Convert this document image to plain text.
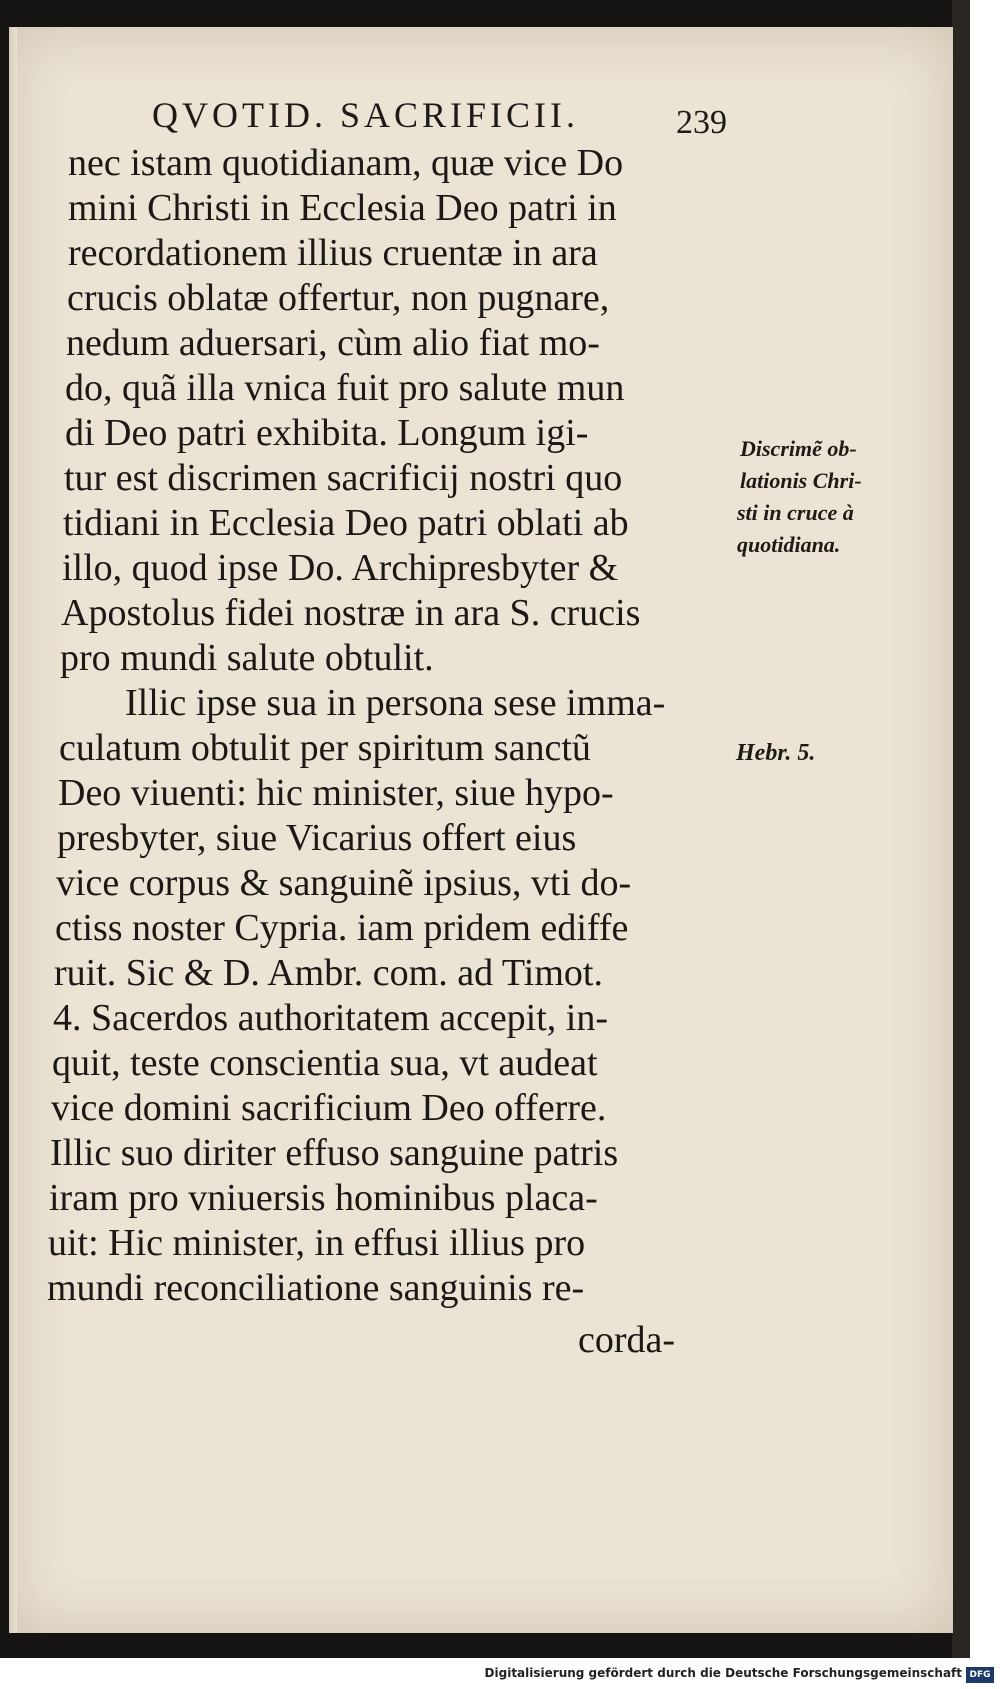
QVOTID. SACRIFICII.	239
nec istam quotidianam, quæ vice Do
mini Christi in Ecclesia Deo patri in
recordationem illius cruentæ in ara
crucis oblatæ offertur, non pugnare,
nedum aduersari, cùm alio fiat mo-
do, quã illa vnica fuit pro salute mun
di Deo patri exhibita. Longum igi-
tur est discrimen sacrificij nostri quo
tidiani in Ecclesia Deo patri oblati ab
illo, quod ipse Do. Archipresbyter &
Apostolus fidei nostræ in ara S. crucis
pro mundi salute obtulit.
Illic ipse sua in persona sese imma-
culatum obtulit per spiritum sanctũ
Deo viuenti: hic minister, siue hypo-
presbyter, siue Vicarius offert eius
vice corpus & sanguinẽ ipsius, vti do-
ctiss noster Cypria. iam pridem ediffe
ruit. Sic & D. Ambr. com. ad Timot.
4. Sacerdos authoritatem accepit, in-
quit, teste conscientia sua, vt audeat
vice domini sacrificium Deo offerre.
Illic suo diriter effuso sanguine patris
iram pro vniuersis hominibus placa-
uit: Hic minister, in effusi illius pro
mundi reconciliatione sanguinis re-
corda-
Discrimẽ ob-
lationis Chri-
sti in cruce à
quotidiana.
Hebr. 5.
Digitalisierung gefördert durch die Deutsche Forschungsgemeinschaft DFG
